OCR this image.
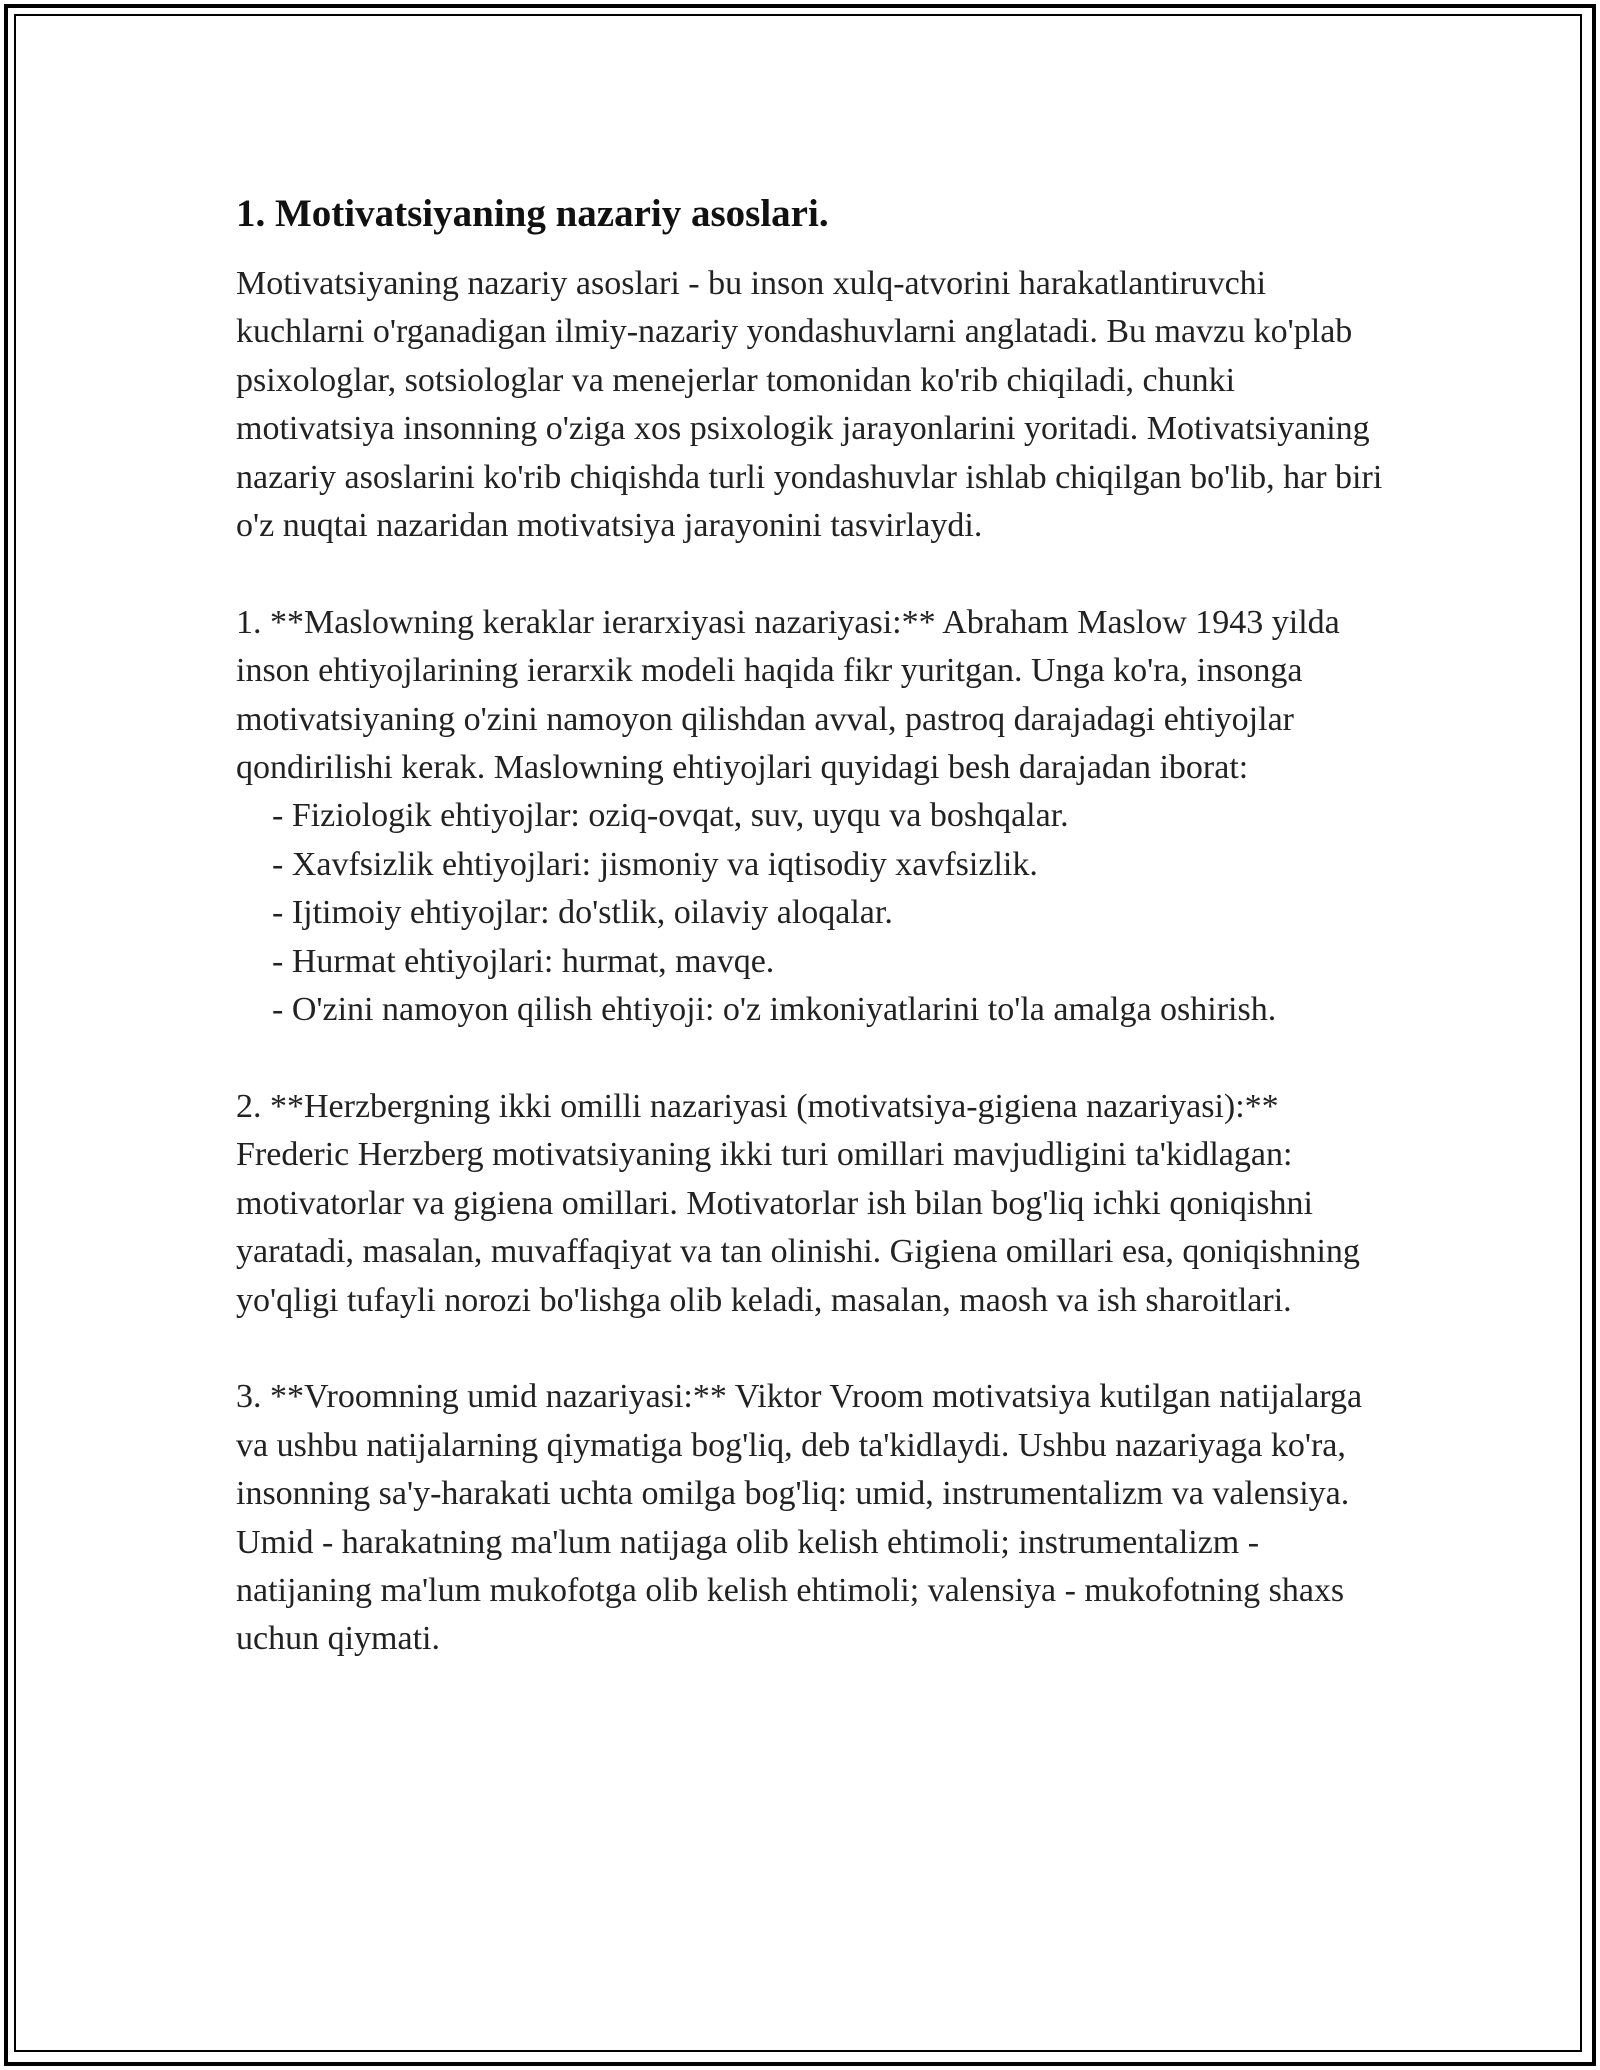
1. Motivatsiyaning nazariy asoslari.

Motivatsiyaning nazariy asoslari - bu inson xulq-atvorini harakatlantiruvchi kuchlarni o'rganadigan ilmiy-nazariy yondashuvlarni anglatadi. Bu mavzu ko'plab psixologlar, sotsiologlar va menejerlar tomonidan ko'rib chiqiladi, chunki motivatsiya insonning o'ziga xos psixologik jarayonlarini yoritadi. Motivatsiyaning nazariy asoslarini ko'rib chiqishda turli yondashuvlar ishlab chiqilgan bo'lib, har biri o'z nuqtai nazaridan motivatsiya jarayonini tasvirlaydi.

1. **Maslowning keraklar ierarxiyasi nazariyasi:** Abraham Maslow 1943 yilda inson ehtiyojlarining ierarxik modeli haqida fikr yuritgan. Unga ko'ra, insonga motivatsiyaning o'zini namoyon qilishdan avval, pastroq darajadagi ehtiyojlar qondirilishi kerak. Maslowning ehtiyojlari quyidagi besh darajadan iborat:

- Fiziologik ehtiyojlar: oziq-ovqat, suv, uyqu va boshqalar.

- Xavfsizlik ehtiyojlari: jismoniy va iqtisodiy xavfsizlik.

- Ijtimoiy ehtiyojlar: do'stlik, oilaviy aloqalar.

- Hurmat ehtiyojlari: hurmat, mavqe.

- O'zini namoyon qilish ehtiyoji: o'z imkoniyatlarini to'la amalga oshirish.

2. **Herzbergning ikki omilli nazariyasi (motivatsiya-gigiena nazariyasi):** Frederic Herzberg motivatsiyaning ikki turi omillari mavjudligini ta'kidlagan: motivatorlar va gigiena omillari. Motivatorlar ish bilan bog'liq ichki qoniqishni yaratadi, masalan, muvaffaqiyat va tan olinishi. Gigiena omillari esa, qoniqishning yo'qligi tufayli norozi bo'lishga olib keladi, masalan, maosh va ish sharoitlari.

3. **Vroomning umid nazariyasi:** Viktor Vroom motivatsiya kutilgan natijalarga va ushbu natijalarning qiymatiga bog'liq, deb ta'kidlaydi. Ushbu nazariyaga ko'ra, insonning sa'y-harakati uchta omilga bog'liq: umid, instrumentalizm va valensiya. Umid - harakatning ma'lum natijaga olib kelish ehtimoli; instrumentalizm - natijaning ma'lum mukofotga olib kelish ehtimoli; valensiya - mukofotning shaxs uchun qiymati.
